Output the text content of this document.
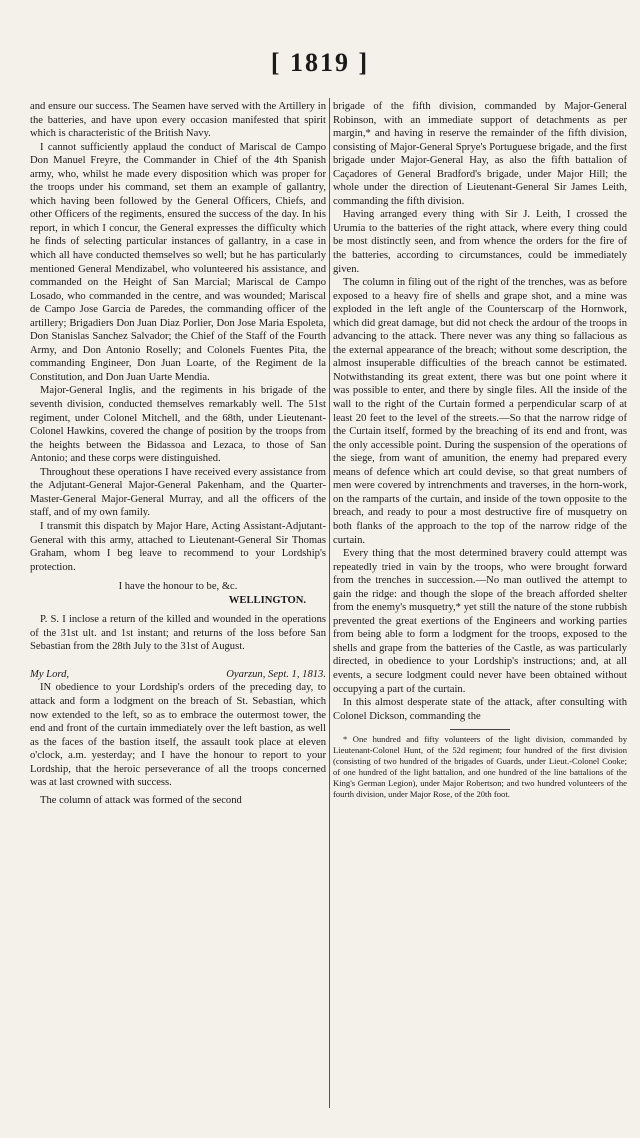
[ 1819 ]

and ensure our success. The Seamen have served with the Artillery in the batteries, and have upon every occasion manifested that spirit which is characteristic of the British Navy.

I cannot sufficiently applaud the conduct of Mariscal de Campo Don Manuel Freyre, the Commander in Chief of the 4th Spanish army, who, whilst he made every disposition which was proper for the troops under his command, set them an example of gallantry, which having been followed by the General Officers, Chiefs, and other Officers of the regiments, ensured the success of the day. In his report, in which I concur, the General expresses the difficulty which he finds of selecting particular instances of gallantry, in a case in which all have conducted themselves so well; but he has particularly mentioned General Mendizabel, who volunteered his assistance, and commanded on the Height of San Marcial; Mariscal de Campo Losado, who commanded in the centre, and was wounded; Mariscal de Campo Jose Garcia de Paredes, the commanding officer of the artillery; Brigadiers Don Juan Diaz Porlier, Don Jose Maria Espoleta, Don Stanislas Sanchez Salvador; the Chief of the Staff of the Fourth Army, and Don Antonio Roselly; and Colonels Fuentes Pita, the commanding Engineer, Don Juan Loarte, of the Regiment de la Constitution, and Don Juan Uarte Mendia.

Major-General Inglis, and the regiments in his brigade of the seventh division, conducted themselves remarkably well. The 51st regiment, under Colonel Mitchell, and the 68th, under Lieutenant-Colonel Hawkins, covered the change of position by the troops from the heights between the Bidassoa and Lezaca, to those of San Antonio; and these corps were distinguished.

Throughout these operations I have received every assistance from the Adjutant-General Major-General Pakenham, and the Quarter-Master-General Major-General Murray, and all the officers of the staff, and of my own family.

I transmit this dispatch by Major Hare, Acting Assistant-Adjutant-General with this army, attached to Lieutenant-General Sir Thomas Graham, whom I beg leave to recommend to your Lordship's protection.

I have the honour to be, &c.

WELLINGTON.

P. S. I inclose a return of the killed and wounded in the operations of the 31st ult. and 1st instant; and returns of the loss before San Sebastian from the 28th July to the 31st of August.

My Lord,	Oyarzun, Sept. 1, 1813.

IN obedience to your Lordship's orders of the preceding day, to attack and form a lodgment on the breach of St. Sebastian, which now extended to the left, so as to embrace the outermost tower, the end and front of the curtain immediately over the left bastion, as well as the faces of the bastion itself, the assault took place at eleven o'clock, a.m. yesterday; and I have the honour to report to your Lordship, that the heroic perseverance of all the troops concerned was at last crowned with success.

The column of attack was formed of the second

brigade of the fifth division, commanded by Major-General Robinson, with an immediate support of detachments as per margin,* and having in reserve the remainder of the fifth division, consisting of Major-General Sprye's Portuguese brigade, and the first brigade under Major-General Hay, as also the fifth battalion of Caçadores of General Bradford's brigade, under Major Hill; the whole under the direction of Lieutenant-General Sir James Leith, commanding the fifth division.

Having arranged every thing with Sir J. Leith, I crossed the Urumia to the batteries of the right attack, where every thing could be most distinctly seen, and from whence the orders for the fire of the batteries, according to circumstances, could be immediately given.

The column in filing out of the right of the trenches, was as before exposed to a heavy fire of shells and grape shot, and a mine was exploded in the left angle of the Counterscarp of the Hornwork, which did great damage, but did not check the ardour of the troops in advancing to the attack. There never was any thing so fallacious as the external appearance of the breach; without some description, the almost insuperable difficulties of the breach cannot be estimated. Notwithstanding its great extent, there was but one point where it was possible to enter, and there by single files. All the inside of the wall to the right of the Curtain formed a perpendicular scarp of at least 20 feet to the level of the streets.—So that the narrow ridge of the Curtain itself, formed by the breaching of its end and front, was the only accessible point. During the suspension of the operations of the siege, from want of amunition, the enemy had prepared every means of defence which art could devise, so that great numbers of men were covered by intrenchments and traverses, in the horn-work, on the ramparts of the curtain, and inside of the town opposite to the breach, and ready to pour a most destructive fire of musquetry on both flanks of the approach to the top of the narrow ridge of the curtain.

Every thing that the most determined bravery could attempt was repeatedly tried in vain by the troops, who were brought forward from the trenches in succession.—No man outlived the attempt to gain the ridge: and though the slope of the breach afforded shelter from the enemy's musquetry,* yet still the nature of the stone rubbish prevented the great exertions of the Engineers and working parties from being able to form a lodgment for the troops, exposed to the shells and grape from the batteries of the Castle, as was particularly directed, in obedience to your Lordship's instructions; and, at all events, a secure lodgment could never have been obtained without occupying a part of the curtain.

In this almost desperate state of the attack, after consulting with Colonel Dickson, commanding the

* One hundred and fifty volunteers of the light division, commanded by Lieutenant-Colonel Hunt, of the 52d regiment; four hundred of the first division (consisting of two hundred of the brigades of Guards, under Lieut.-Colonel Cooke; of one hundred of the light battalion, and one hundred of the line battalions of the King's German Legion), under Major Robertson; and two hundred volunteers of the fourth division, under Major Rose, of the 20th foot.
